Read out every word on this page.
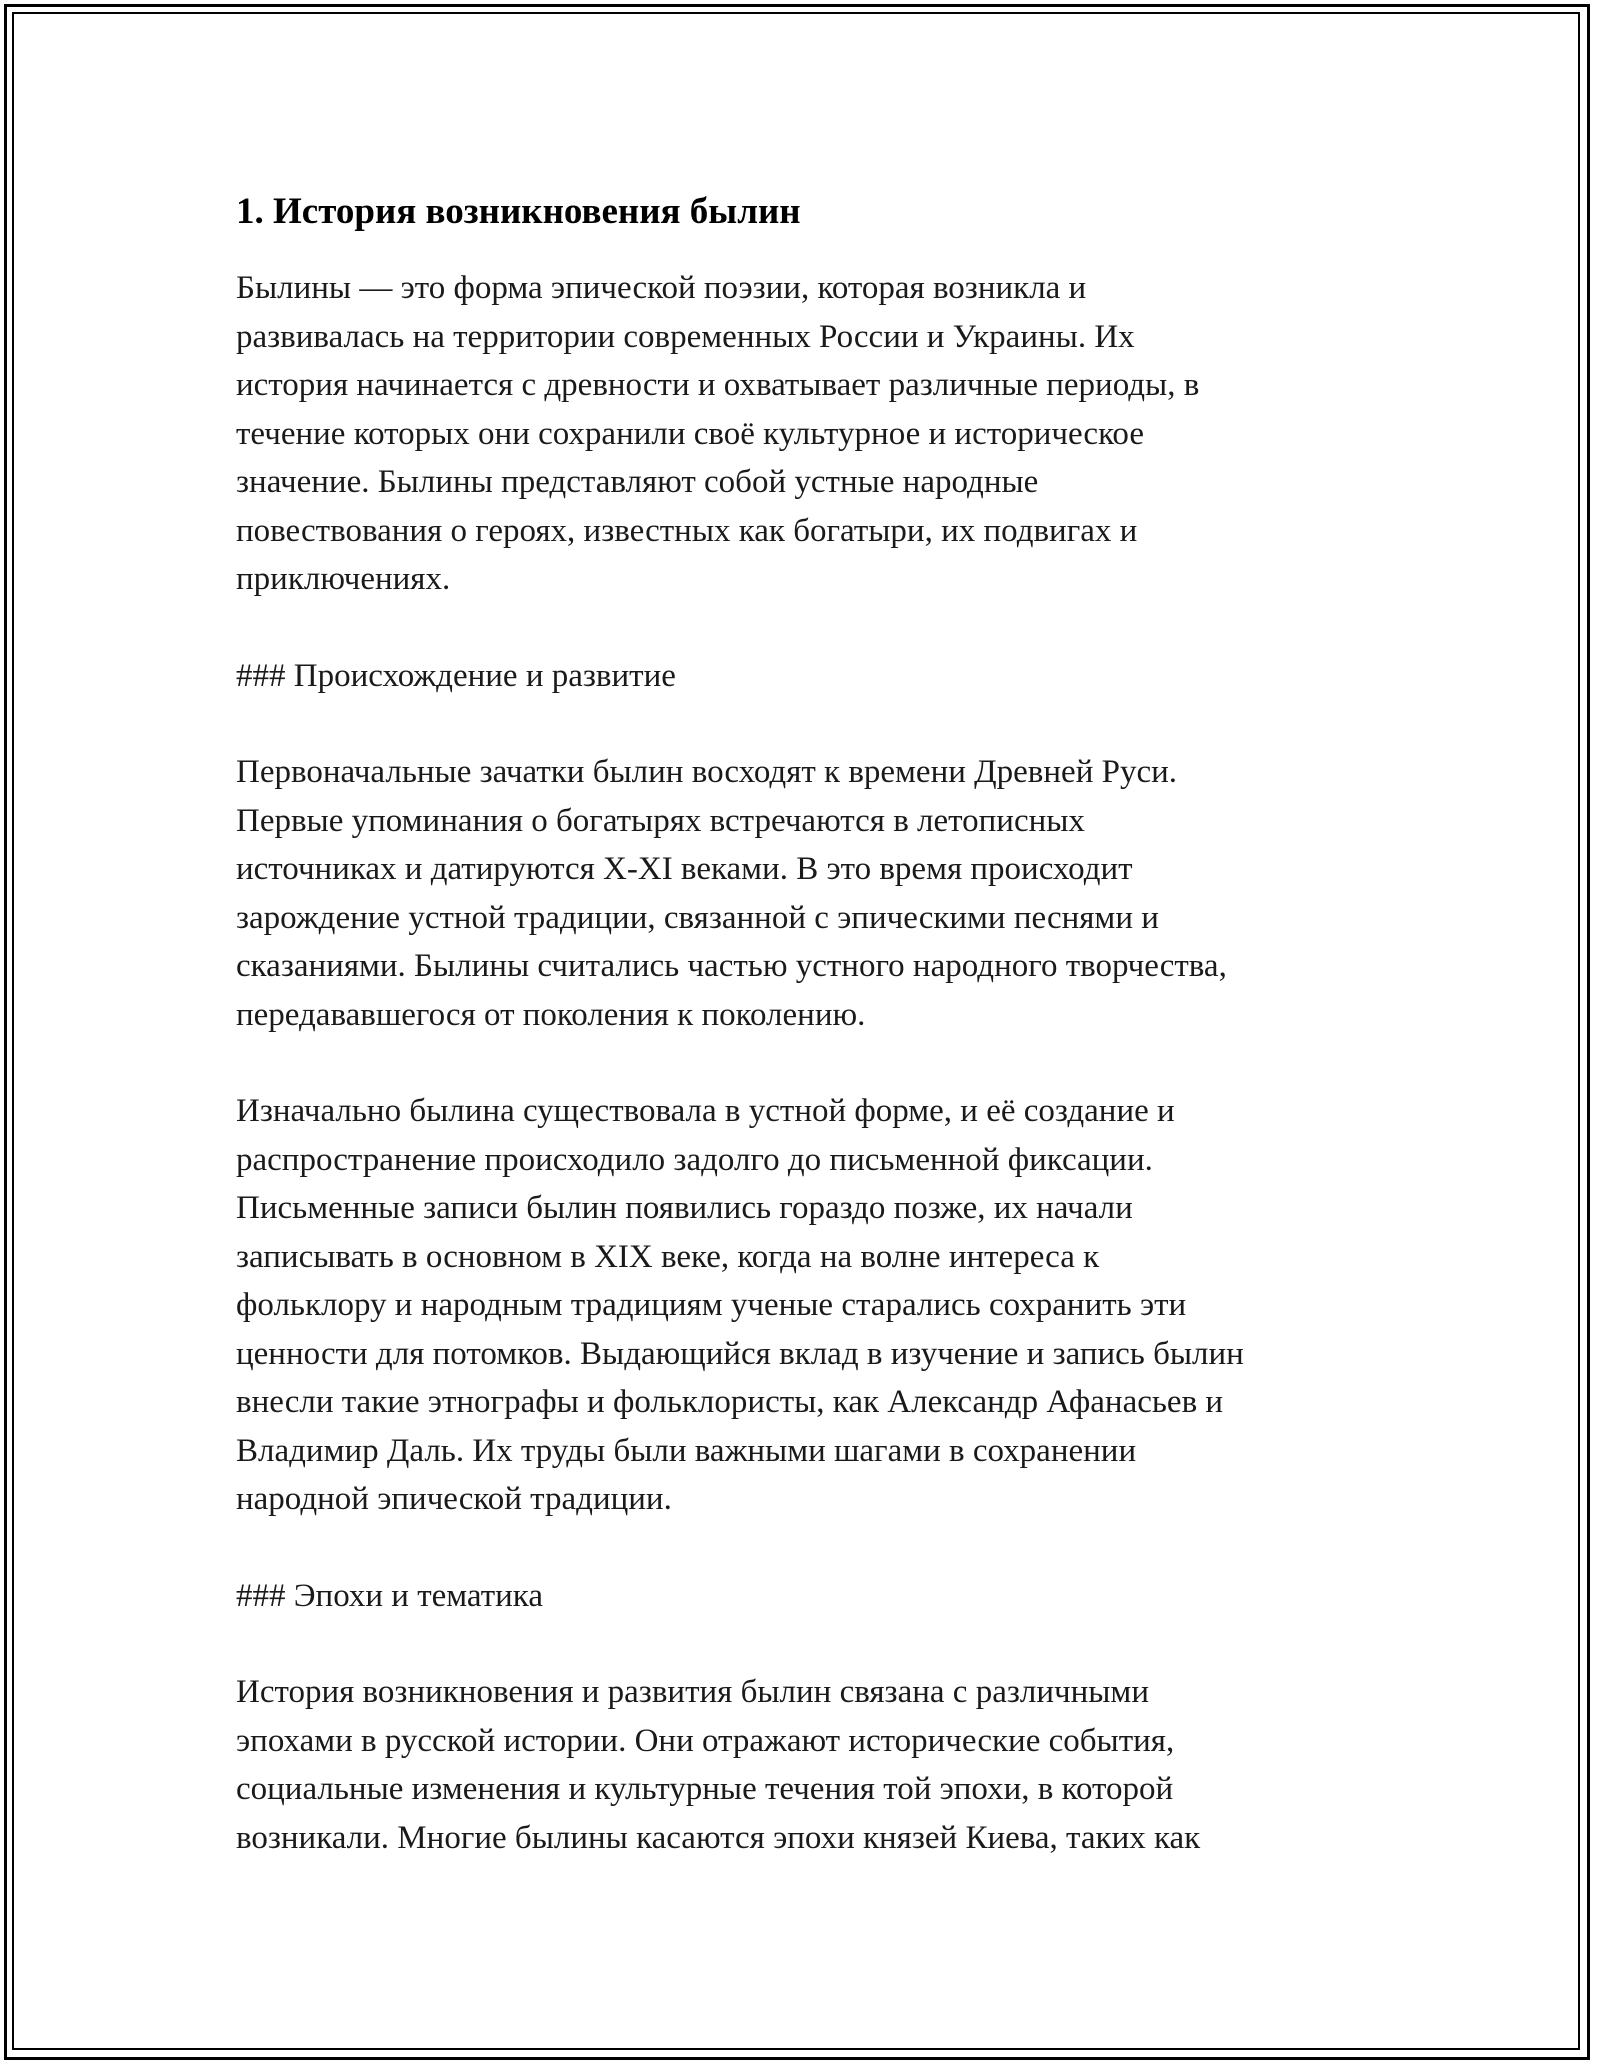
1. История возникновения былин

Былины — это форма эпической поэзии, которая возникла и
развивалась на территории современных России и Украины. Их
история начинается с древности и охватывает различные периоды, в
течение которых они сохранили своё культурное и историческое
значение. Былины представляют собой устные народные
повествования о героях, известных как богатыри, их подвигах и
приключениях.

### Происхождение и развитие

Первоначальные зачатки былин восходят к времени Древней Руси.
Первые упоминания о богатырях встречаются в летописных
источниках и датируются X-XI веками. В это время происходит
зарождение устной традиции, связанной с эпическими песнями и
сказаниями. Былины считались частью устного народного творчества,
передававшегося от поколения к поколению.

Изначально былина существовала в устной форме, и её создание и
распространение происходило задолго до письменной фиксации.
Письменные записи былин появились гораздо позже, их начали
записывать в основном в XIX веке, когда на волне интереса к
фольклору и народным традициям ученые старались сохранить эти
ценности для потомков. Выдающийся вклад в изучение и запись былин
внесли такие этнографы и фольклористы, как Александр Афанасьев и
Владимир Даль. Их труды были важными шагами в сохранении
народной эпической традиции.

### Эпохи и тематика

История возникновения и развития былин связана с различными
эпохами в русской истории. Они отражают исторические события,
социальные изменения и культурные течения той эпохи, в которой
возникали. Многие былины касаются эпохи князей Киева, таких как
